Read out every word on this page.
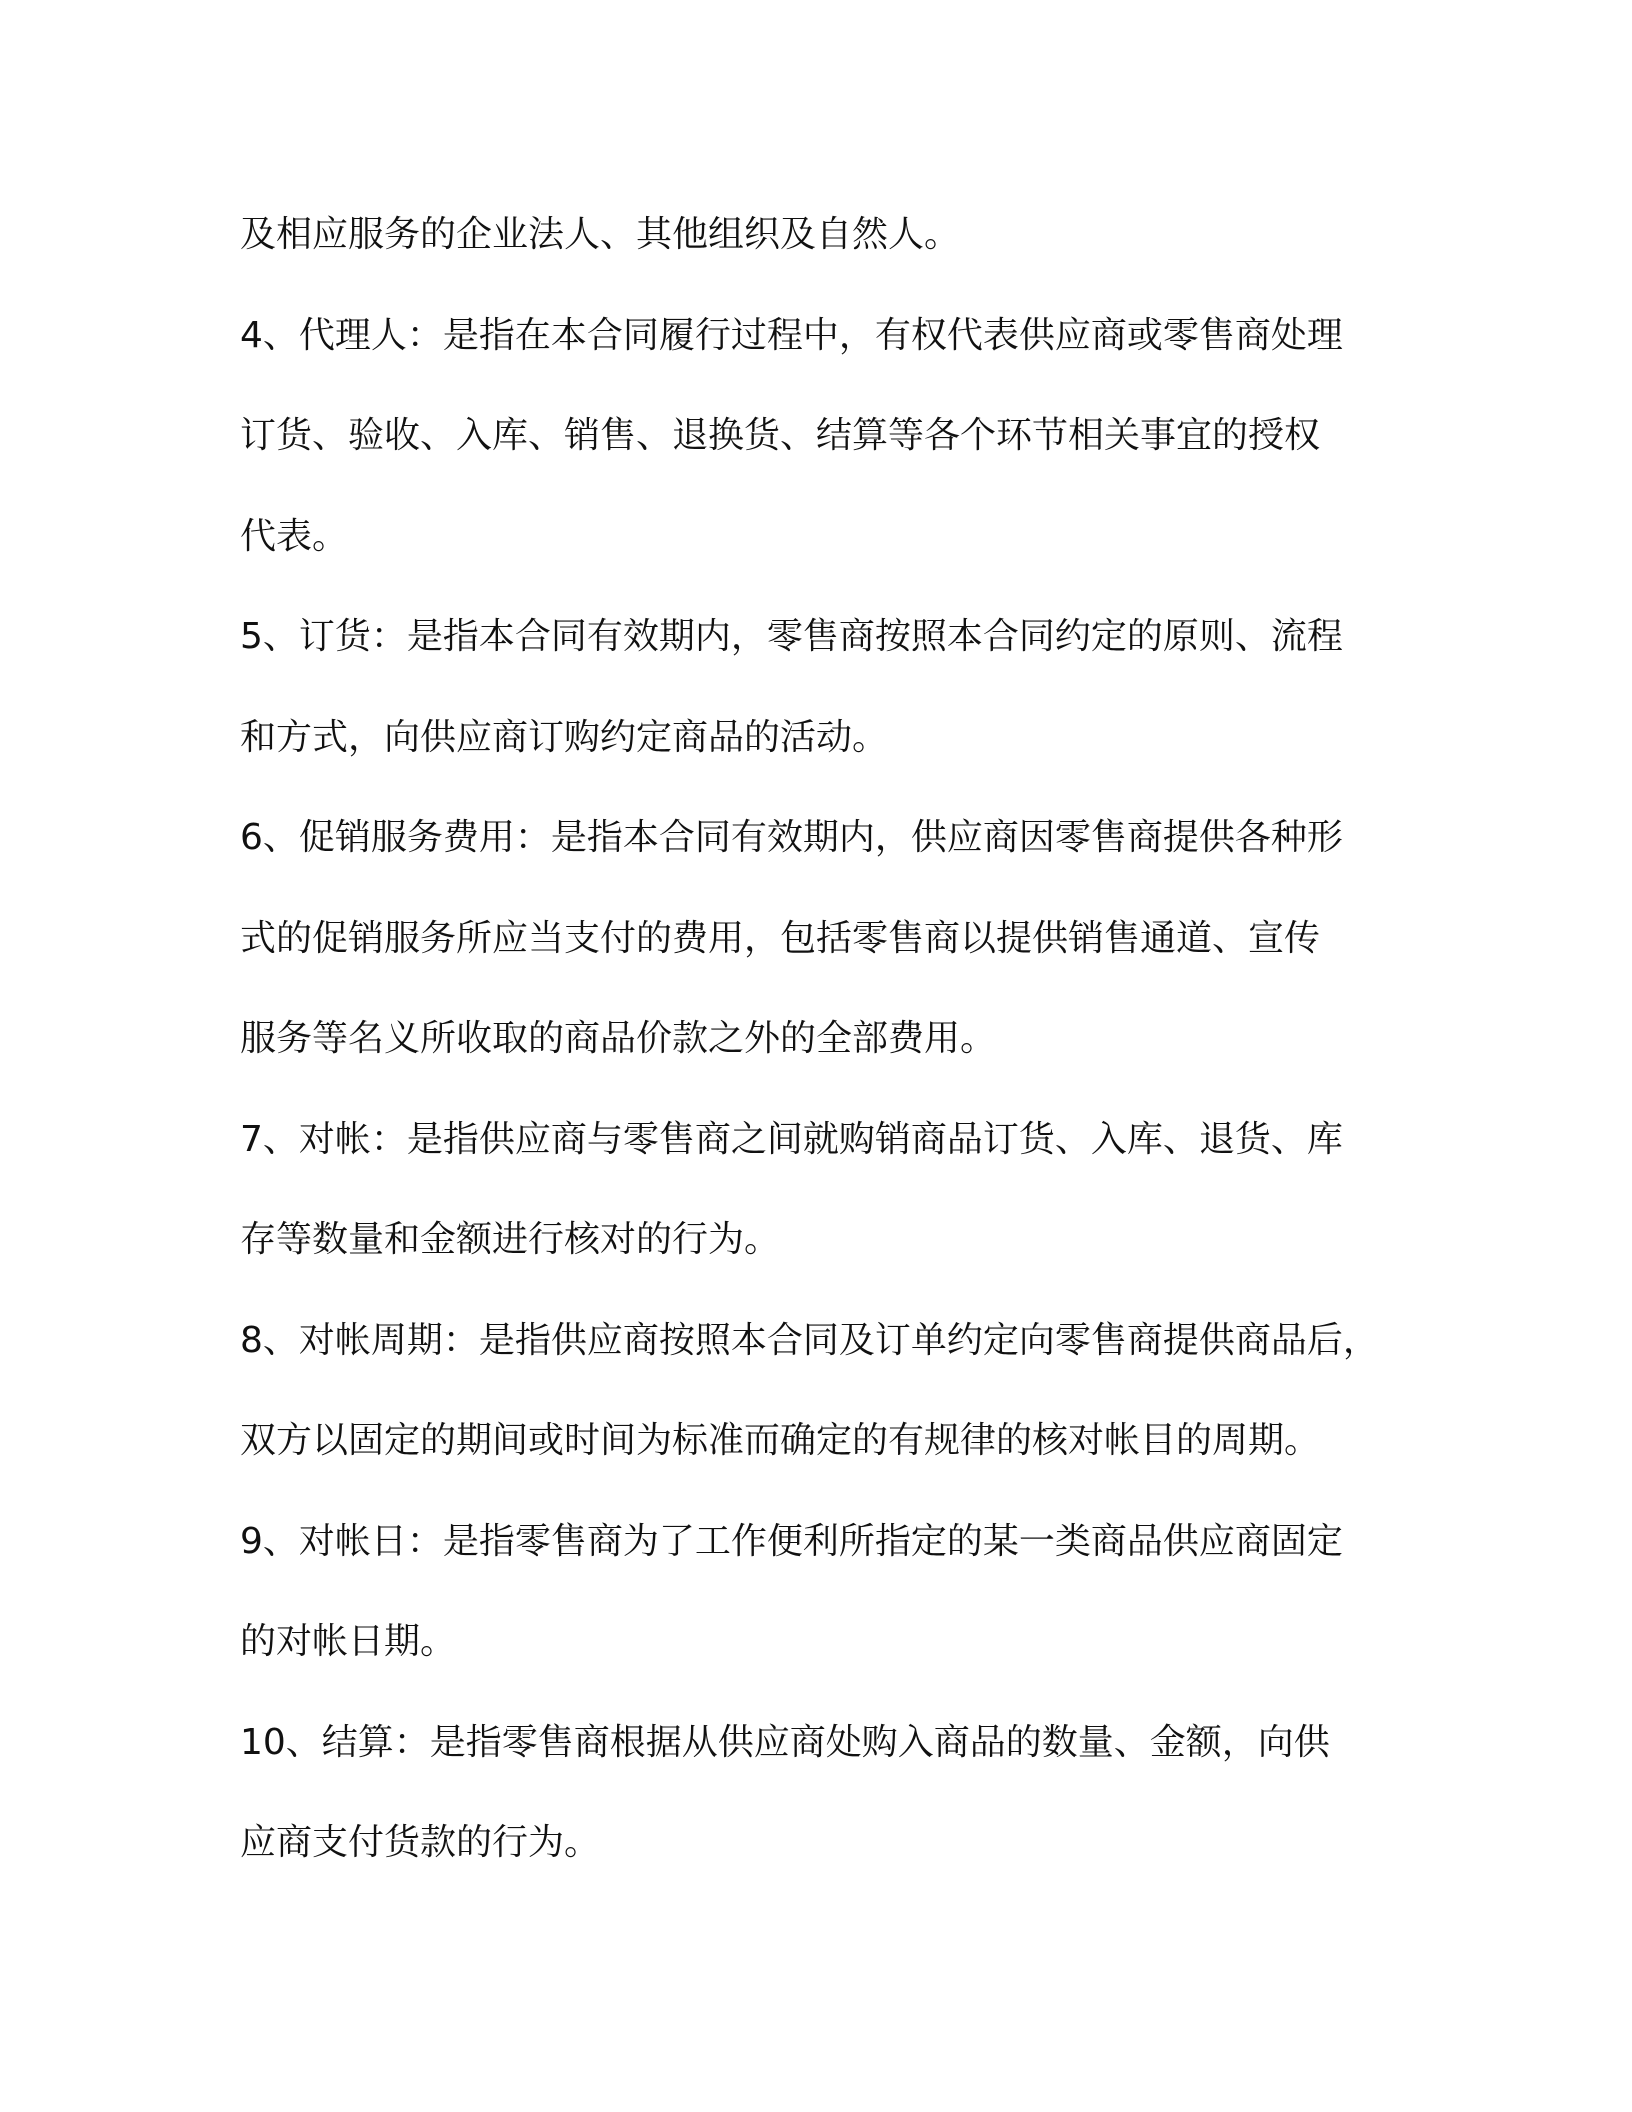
及相应服务的企业法人、其他组织及自然人。
4、代理人：是指在本合同履行过程中，有权代表供应商或零售商处理
订货、验收、入库、销售、退换货、结算等各个环节相关事宜的授权
代表。
5、订货：是指本合同有效期内，零售商按照本合同约定的原则、流程
和方式，向供应商订购约定商品的活动。
6、促销服务费用：是指本合同有效期内，供应商因零售商提供各种形
式的促销服务所应当支付的费用，包括零售商以提供销售通道、宣传
服务等名义所收取的商品价款之外的全部费用。
7、对帐：是指供应商与零售商之间就购销商品订货、入库、退货、库
存等数量和金额进行核对的行为。
8、对帐周期：是指供应商按照本合同及订单约定向零售商提供商品后，
双方以固定的期间或时间为标准而确定的有规律的核对帐目的周期。
9、对帐日：是指零售商为了工作便利所指定的某一类商品供应商固定
的对帐日期。
10、结算：是指零售商根据从供应商处购入商品的数量、金额，向供
应商支付货款的行为。
